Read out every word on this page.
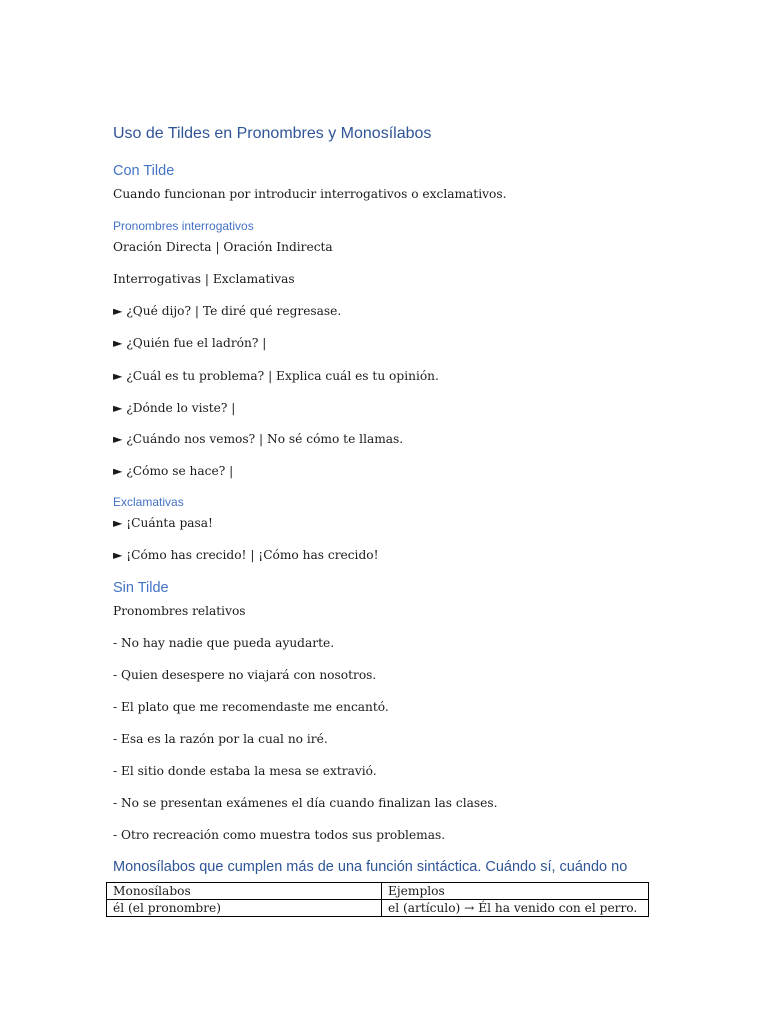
Uso de Tildes en Pronombres y Monosílabos
Con Tilde
Cuando funcionan por introducir interrogativos o exclamativos.
Pronombres interrogativos
Oración Directa | Oración Indirecta
Interrogativas | Exclamativas
► ¿Qué dijo? | Te diré qué regresase.
► ¿Quién fue el ladrón? |
► ¿Cuál es tu problema? | Explica cuál es tu opinión.
► ¿Dónde lo viste? |
► ¿Cuándo nos vemos? | No sé cómo te llamas.
► ¿Cómo se hace? |
Exclamativas
► ¡Cuánta pasa!
► ¡Cómo has crecido! | ¡Cómo has crecido!
Sin Tilde
Pronombres relativos
- No hay nadie que pueda ayudarte.
- Quien desespere no viajará con nosotros.
- El plato que me recomendaste me encantó.
- Esa es la razón por la cual no iré.
- El sitio donde estaba la mesa se extravió.
- No se presentan exámenes el día cuando finalizan las clases.
- Otro recreación como muestra todos sus problemas.
Monosílabos que cumplen más de una función sintáctica. Cuándo sí, cuándo no
Monosílabos	Ejemplos
él (el pronombre)	el (artículo) → Él ha venido con el perro.
